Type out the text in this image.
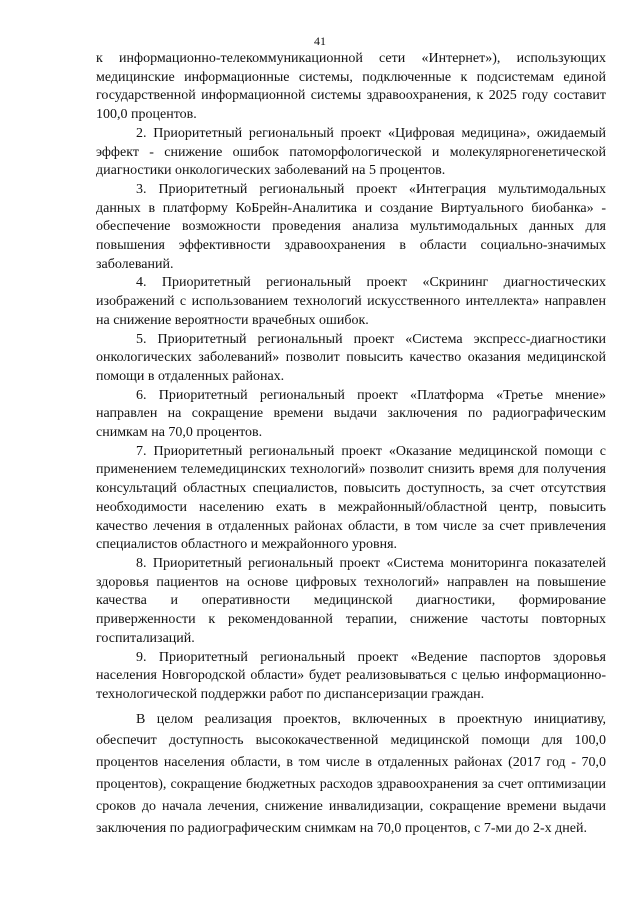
41

к информационно-телекоммуникационной сети «Интернет»), использующих медицинские информационные системы, подключенные к подсистемам единой государственной информационной системы здравоохранения, к 2025 году составит 100,0 процентов.

2. Приоритетный региональный проект «Цифровая медицина», ожидаемый эффект - снижение ошибок патоморфологической и молекулярногенетической диагностики онкологических заболеваний на 5 процентов.

3. Приоритетный региональный проект «Интеграция мультимодальных данных в платформу КоБрейн-Аналитика и создание Виртуального биобанка» - обеспечение возможности проведения анализа мультимодальных данных для повышения эффективности здравоохранения в области социально-значимых заболеваний.

4. Приоритетный региональный проект «Скрининг диагностических изображений с использованием технологий искусственного интеллекта» направлен на снижение вероятности врачебных ошибок.

5. Приоритетный региональный проект «Система экспресс-диагностики онкологических заболеваний» позволит повысить качество оказания медицинской помощи в отдаленных районах.

6. Приоритетный региональный проект «Платформа «Третье мнение» направлен на сокращение времени выдачи заключения по радиографическим снимкам на 70,0 процентов.

7. Приоритетный региональный проект «Оказание медицинской помощи с применением телемедицинских технологий» позволит снизить время для получения консультаций областных специалистов, повысить доступность, за счет отсутствия необходимости населению ехать в межрайонный/областной центр, повысить качество лечения в отдаленных районах области, в том числе за счет привлечения специалистов областного и межрайонного уровня.

8. Приоритетный региональный проект «Система мониторинга показателей здоровья пациентов на основе цифровых технологий» направлен на повышение качества и оперативности медицинской диагностики, формирование приверженности к рекомендованной терапии, снижение частоты повторных госпитализаций.

9. Приоритетный региональный проект «Ведение паспортов здоровья населения Новгородской области» будет реализовываться с целью информационно-технологической поддержки работ по диспансеризации граждан.

В целом реализация проектов, включенных в проектную инициативу, обеспечит доступность высококачественной медицинской помощи для 100,0 процентов населения области, в том числе в отдаленных районах (2017 год - 70,0 процентов), сокращение бюджетных расходов здравоохранения за счет оптимизации сроков до начала лечения, снижение инвалидизации, сокращение времени выдачи заключения по радиографическим снимкам на 70,0 процентов, с 7-ми до 2-х дней.
